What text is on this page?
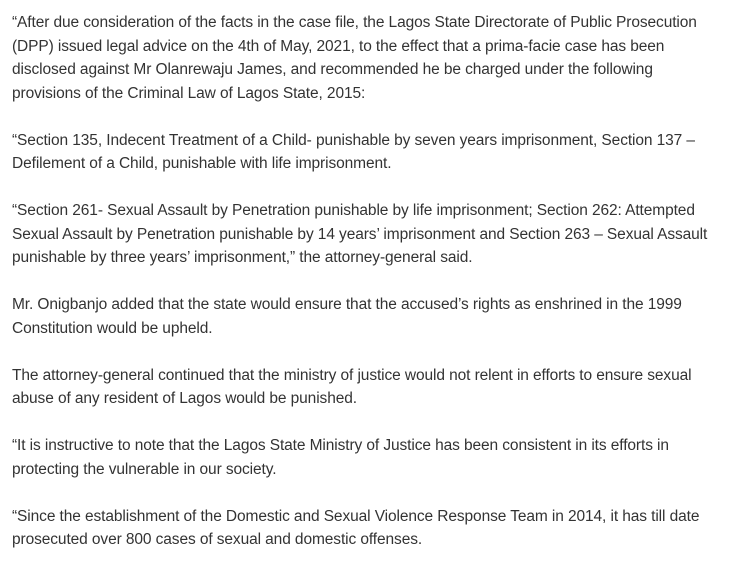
“After due consideration of the facts in the case file, the Lagos State Directorate of Public Prosecution (DPP) issued legal advice on the 4th of May, 2021, to the effect that a prima-facie case has been disclosed against Mr Olanrewaju James, and recommended he be charged under the following provisions of the Criminal Law of Lagos State, 2015:

“Section 135, Indecent Treatment of a Child- punishable by seven years imprisonment, Section 137 – Defilement of a Child, punishable with life imprisonment.

“Section 261- Sexual Assault by Penetration punishable by life imprisonment; Section 262: Attempted Sexual Assault by Penetration punishable by 14 years’ imprisonment and Section 263 – Sexual Assault punishable by three years’ imprisonment,” the attorney-general said.

Mr. Onigbanjo added that the state would ensure that the accused’s rights as enshrined in the 1999 Constitution would be upheld.

The attorney-general continued that the ministry of justice would not relent in efforts to ensure sexual abuse of any resident of Lagos would be punished.

“It is instructive to note that the Lagos State Ministry of Justice has been consistent in its efforts in protecting the vulnerable in our society.

“Since the establishment of the Domestic and Sexual Violence Response Team in 2014, it has till date prosecuted over 800 cases of sexual and domestic offenses.
